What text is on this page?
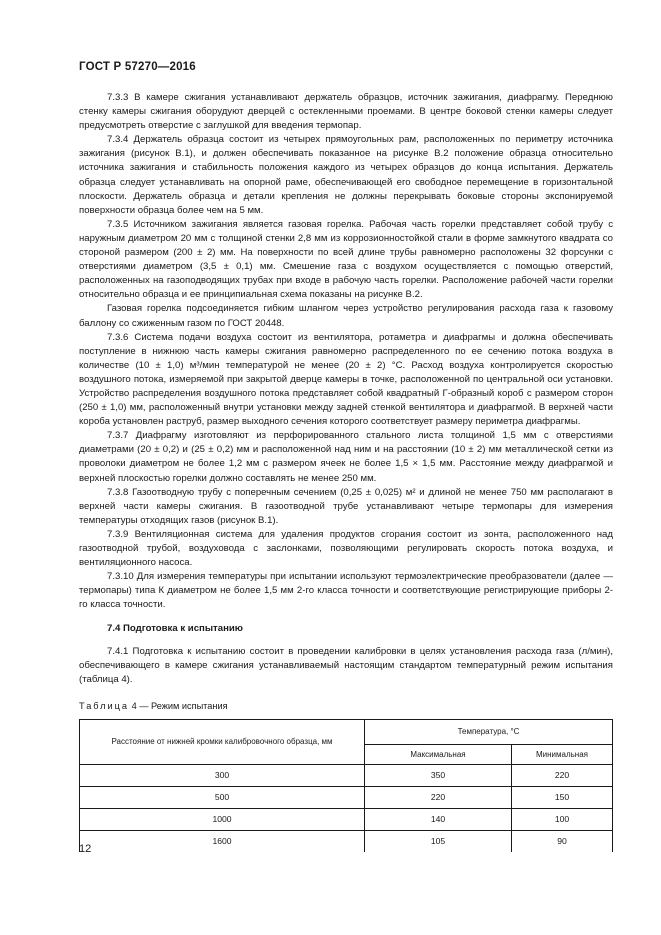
ГОСТ Р 57270—2016

7.3.3 В камере сжигания устанавливают держатель образцов, источник зажигания, диафрагму. Переднюю стенку камеры сжигания оборудуют дверцей с остекленными проемами. В центре боковой стенки камеры следует предусмотреть отверстие с заглушкой для введения термопар.

7.3.4 Держатель образца состоит из четырех прямоугольных рам, расположенных по периметру источника зажигания (рисунок В.1), и должен обеспечивать показанное на рисунке В.2 положение образца относительно источника зажигания и стабильность положения каждого из четырех образцов до конца испытания. Держатель образца следует устанавливать на опорной раме, обеспечивающей его свободное перемещение в горизонтальной плоскости. Держатель образца и детали крепления не должны перекрывать боковые стороны экспонируемой поверхности образца более чем на 5 мм.

7.3.5 Источником зажигания является газовая горелка. Рабочая часть горелки представляет собой трубу с наружным диаметром 20 мм с толщиной стенки 2,8 мм из коррозионностойкой стали в форме замкнутого квадрата со стороной размером (200 ± 2) мм. На поверхности по всей длине трубы равномерно расположены 32 форсунки с отверстиями диаметром (3,5 ± 0,1) мм. Смешение газа с воздухом осуществляется с помощью отверстий, расположенных на газоподводящих трубах при входе в рабочую часть горелки. Расположение рабочей части горелки относительно образца и ее принципиальная схема показаны на рисунке В.2.

Газовая горелка подсоединяется гибким шлангом через устройство регулирования расхода газа к газовому баллону со сжиженным газом по ГОСТ 20448.

7.3.6 Система подачи воздуха состоит из вентилятора, ротаметра и диафрагмы и должна обеспечивать поступление в нижнюю часть камеры сжигания равномерно распределенного по ее сечению потока воздуха в количестве (10 ± 1,0) м³/мин температурой не менее (20 ± 2) °С. Расход воздуха контролируется скоростью воздушного потока, измеряемой при закрытой дверце камеры в точке, расположенной по центральной оси установки. Устройство распределения воздушного потока представляет собой квадратный Г-образный короб с размером сторон (250 ± 1,0) мм, расположенный внутри установки между задней стенкой вентилятора и диафрагмой. В верхней части короба установлен раструб, размер выходного сечения которого соответствует размеру периметра диафрагмы.

7.3.7 Диафрагму изготовляют из перфорированного стального листа толщиной 1,5 мм с отверстиями диаметрами (20 ± 0,2) и (25 ± 0,2) мм и расположенной над ним и на расстоянии (10 ± 2) мм металлической сетки из проволоки диаметром не более 1,2 мм с размером ячеек не более 1,5 × 1,5 мм. Расстояние между диафрагмой и верхней плоскостью горелки должно составлять не менее 250 мм.

7.3.8 Газоотводную трубу с поперечным сечением (0,25 ± 0,025) м² и длиной не менее 750 мм располагают в верхней части камеры сжигания. В газоотводной трубе устанавливают четыре термопары для измерения температуры отходящих газов (рисунок В.1).

7.3.9 Вентиляционная система для удаления продуктов сгорания состоит из зонта, расположенного над газоотводной трубой, воздуховода с заслонками, позволяющими регулировать скорость потока воздуха, и вентиляционного насоса.

7.3.10 Для измерения температуры при испытании используют термоэлектрические преобразователи (далее — термопары) типа К диаметром не более 1,5 мм 2-го класса точности и соответствующие регистрирующие приборы 2-го класса точности.

7.4 Подготовка к испытанию

7.4.1 Подготовка к испытанию состоит в проведении калибровки в целях установления расхода газа (л/мин), обеспечивающего в камере сжигания устанавливаемый настоящим стандартом температурный режим испытания (таблица 4).

Таблица 4 — Режим испытания
Расстояние от нижней кромки калибровочного образца, мм	Температура, °С	
	Максимальная	Минимальная
300	350	220
500	220	150
1000	140	100
1600	105	90
12
